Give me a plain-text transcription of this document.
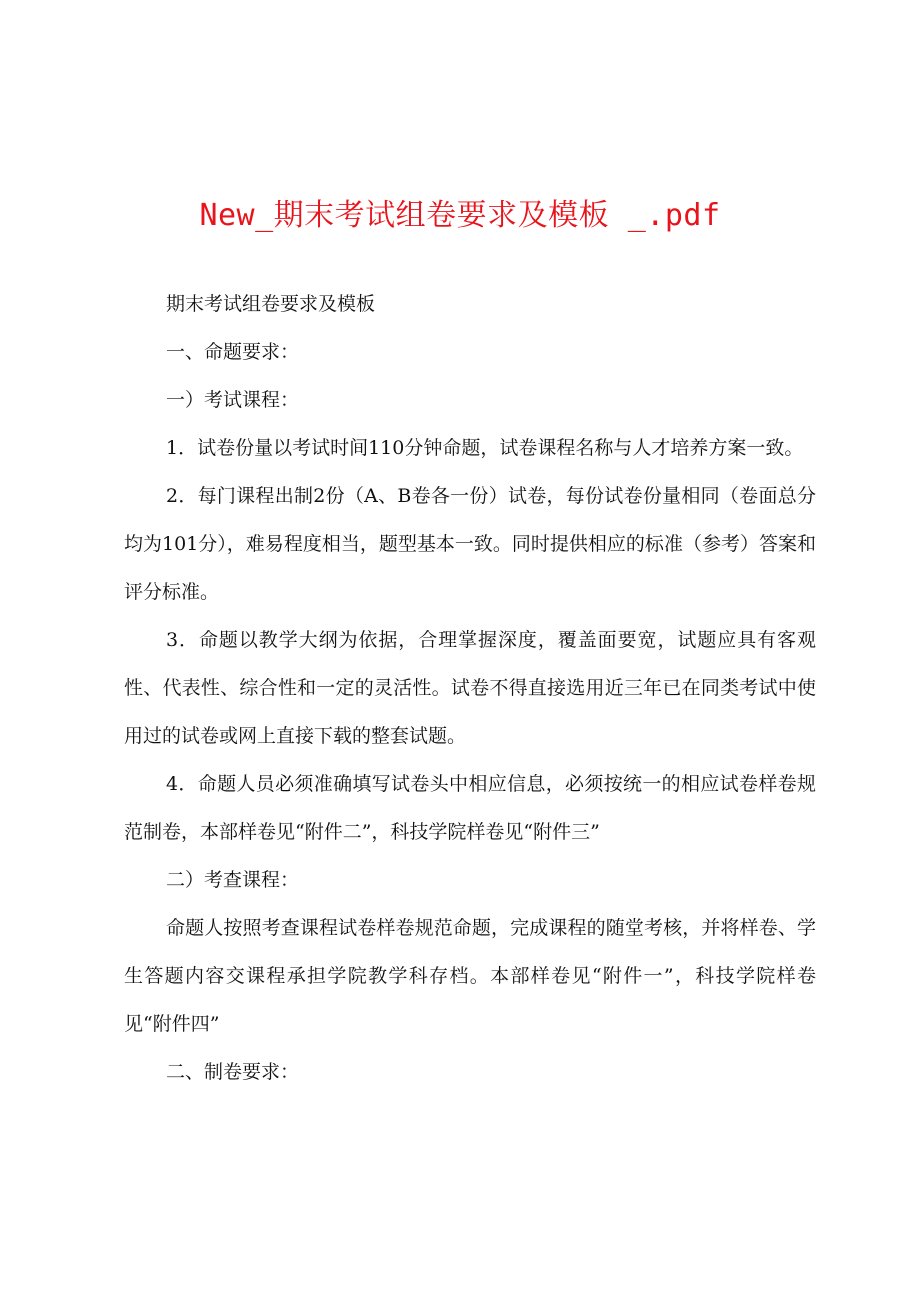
New_期末考试组卷要求及模板 _.pdf

期末考试组卷要求及模板

一、命题要求：

一）考试课程：

1．试卷份量以考试时间110分钟命题，试卷课程名称与人才培养方案一致。

2．每门课程出制2份（A、B卷各一份）试卷，每份试卷份量相同（卷面总分均为101分），难易程度相当，题型基本一致。同时提供相应的标准（参考）答案和评分标准。

3．命题以教学大纲为依据，合理掌握深度，覆盖面要宽，试题应具有客观性、代表性、综合性和一定的灵活性。试卷不得直接选用近三年已在同类考试中使用过的试卷或网上直接下载的整套试题。

4．命题人员必须准确填写试卷头中相应信息，必须按统一的相应试卷样卷规范制卷，本部样卷见“附件二”，科技学院样卷见“附件三”

二）考查课程：

命题人按照考查课程试卷样卷规范命题，完成课程的随堂考核，并将样卷、学生答题内容交课程承担学院教学科存档。本部样卷见“附件一”，科技学院样卷见“附件四”

二、制卷要求：
